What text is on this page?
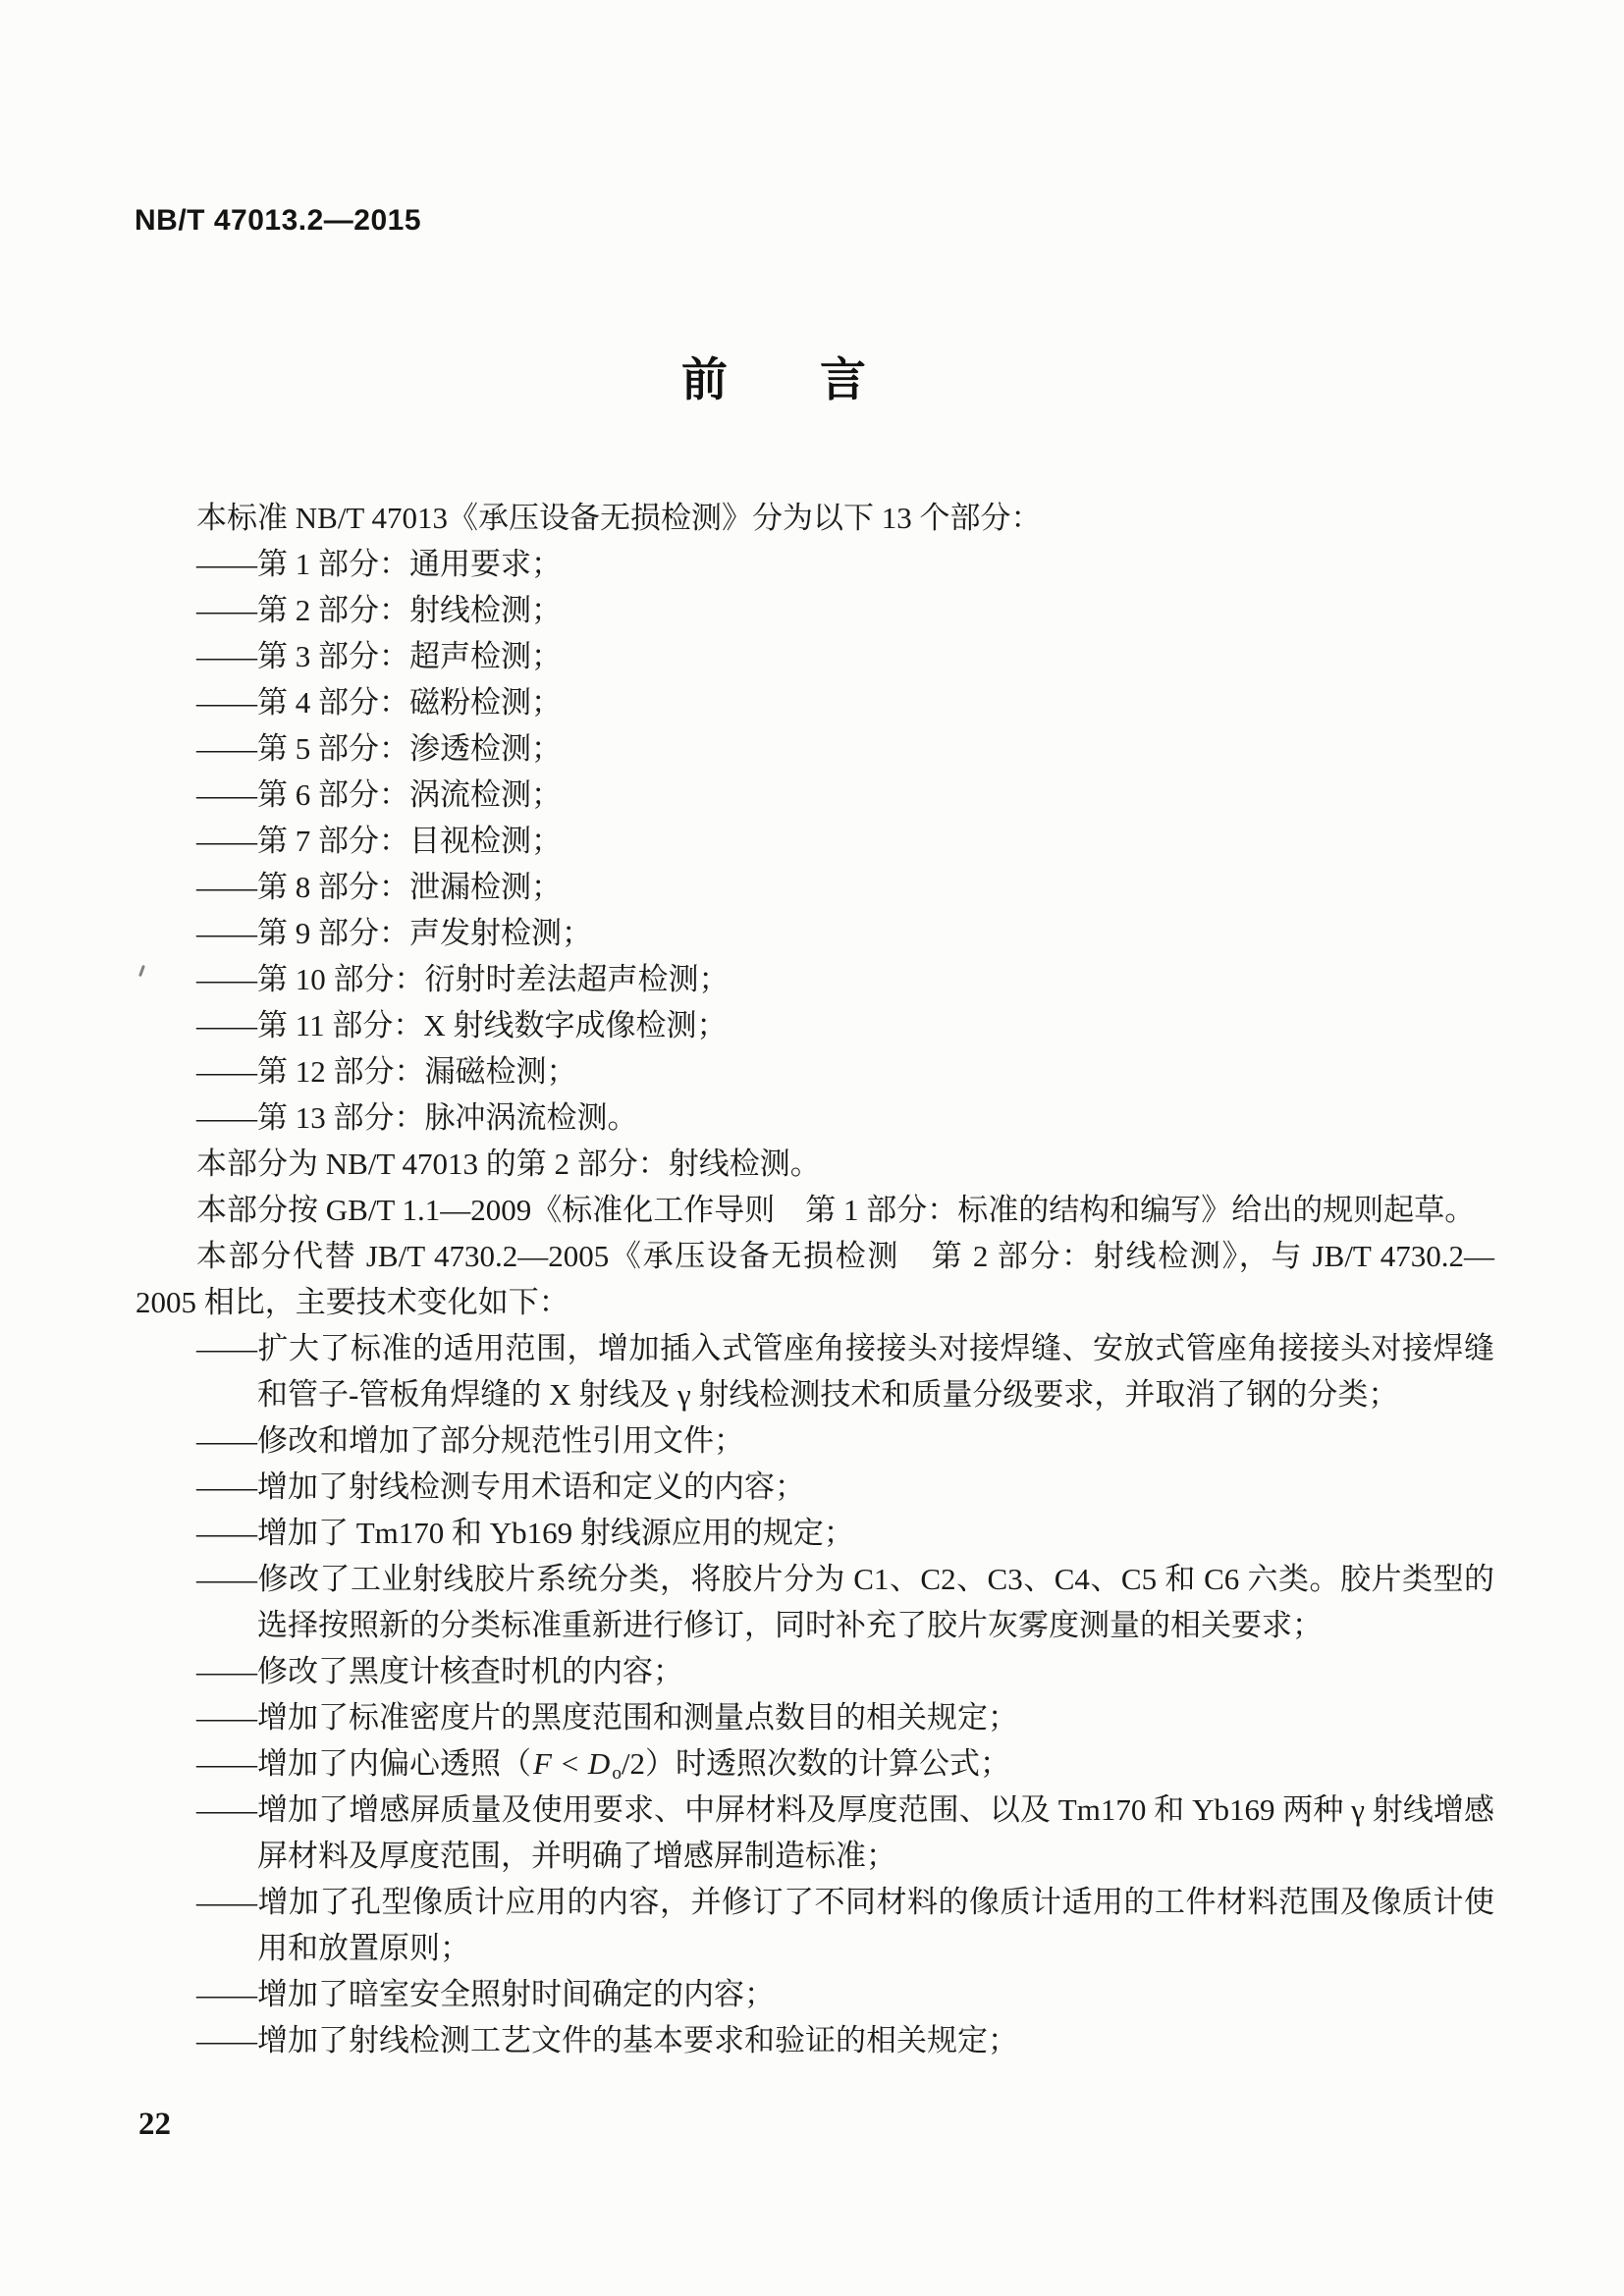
NB/T 47013.2—2015
前　　言

本标准 NB/T 47013《承压设备无损检测》分为以下 13 个部分：

——第 1 部分：通用要求；

——第 2 部分：射线检测；

——第 3 部分：超声检测；

——第 4 部分：磁粉检测；

——第 5 部分：渗透检测；

——第 6 部分：涡流检测；

——第 7 部分：目视检测；

——第 8 部分：泄漏检测；

——第 9 部分：声发射检测；

——第 10 部分：衍射时差法超声检测；

——第 11 部分：X 射线数字成像检测；

——第 12 部分：漏磁检测；

——第 13 部分：脉冲涡流检测。

本部分为 NB/T 47013 的第 2 部分：射线检测。

本部分按 GB/T 1.1—2009《标准化工作导则　第 1 部分：标准的结构和编写》给出的规则起草。

本部分代替 JB/T 4730.2—2005《承压设备无损检测　第 2 部分：射线检测》，与 JB/T 4730.2—2005 相比，主要技术变化如下：

——扩大了标准的适用范围，增加插入式管座角接接头对接焊缝、安放式管座角接接头对接焊缝和管子-管板角焊缝的 X 射线及 γ 射线检测技术和质量分级要求，并取消了钢的分类；

——修改和增加了部分规范性引用文件；

——增加了射线检测专用术语和定义的内容；

——增加了 Tm170 和 Yb169 射线源应用的规定；

——修改了工业射线胶片系统分类，将胶片分为 C1、C2、C3、C4、C5 和 C6 六类。胶片类型的选择按照新的分类标准重新进行修订，同时补充了胶片灰雾度测量的相关要求；

——修改了黑度计核查时机的内容；

——增加了标准密度片的黑度范围和测量点数目的相关规定；

——增加了内偏心透照（F < D $_o$/2）时透照次数的计算公式；

——增加了增感屏质量及使用要求、中屏材料及厚度范围、以及 Tm170 和 Yb169 两种 γ 射线增感屏材料及厚度范围，并明确了增感屏制造标准；

——增加了孔型像质计应用的内容，并修订了不同材料的像质计适用的工件材料范围及像质计使用和放置原则；

——增加了暗室安全照射时间确定的内容；

——增加了射线检测工艺文件的基本要求和验证的相关规定；

22
